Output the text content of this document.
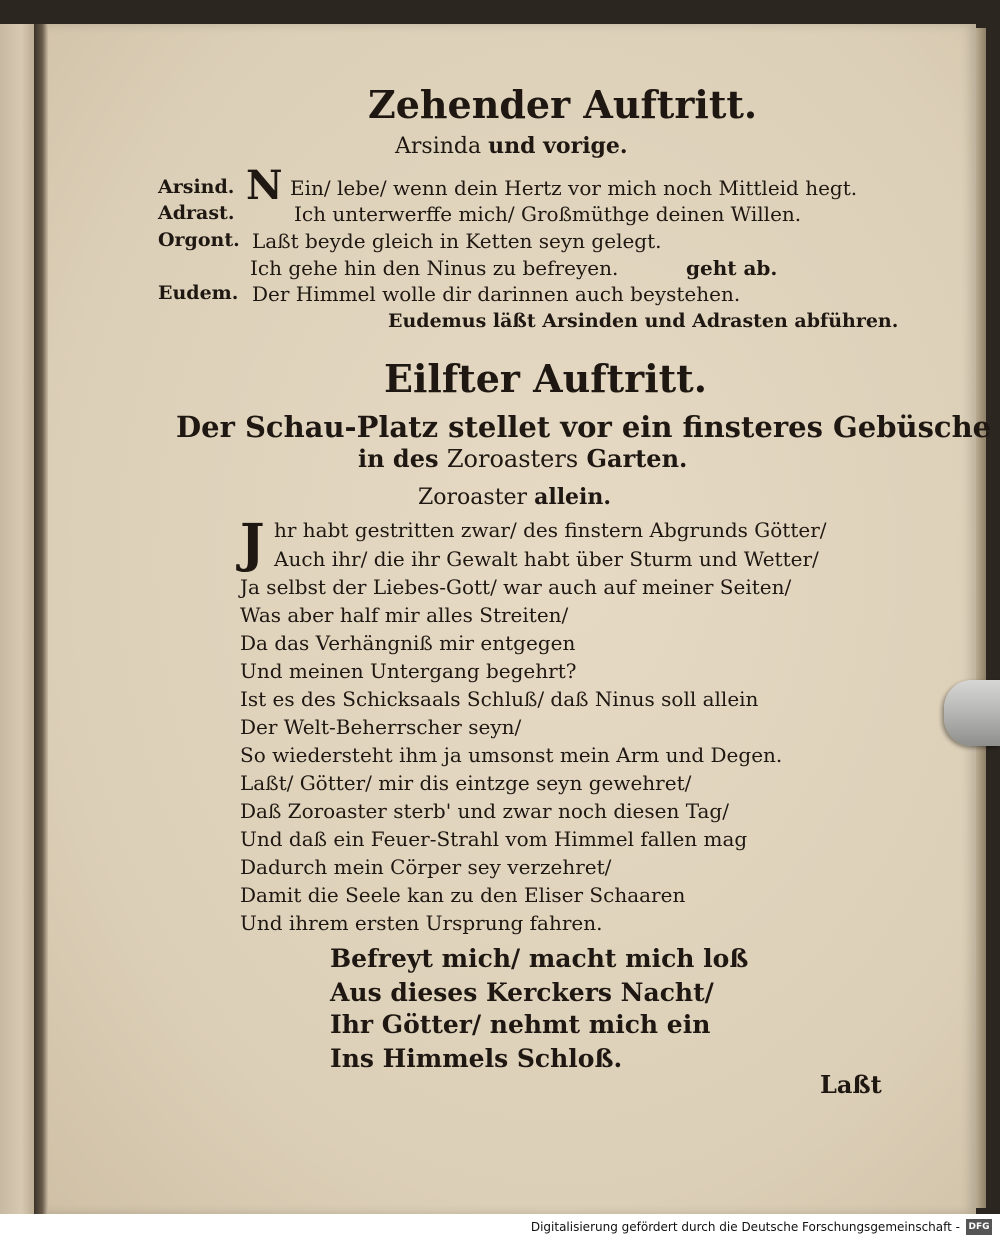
Zehender Auftritt.
Arsinda und vorige.
Arsind. N Ein/ lebe/ wenn dein Hertz vor mich noch Mittleid hegt.
Adrast.	Ich unterwerffe mich/ Großmüthge deinen Willen.
Orgont. Laßt beyde gleich in Ketten seyn gelegt.
Ich gehe hin den Ninus zu befreyen.	geht ab.
Eudem. Der Himmel wolle dir darinnen auch beystehen.
Eudemus läßt Arsinden und Adrasten abführen.
Eilfter Auftritt.
Der Schau-Platz stellet vor ein finsteres Gebüsche
in des Zoroasters Garten.
Zoroaster allein.
J hr habt gestritten zwar/ des finstern Abgrunds Götter/
Auch ihr/ die ihr Gewalt habt über Sturm und Wetter/
Ja selbst der Liebes-Gott/ war auch auf meiner Seiten/
Was aber half mir alles Streiten/
Da das Verhängniß mir entgegen
Und meinen Untergang begehrt?
Ist es des Schicksaals Schluß/ daß Ninus soll allein
Der Welt-Beherrscher seyn/
So wiedersteht ihm ja umsonst mein Arm und Degen.
Laßt/ Götter/ mir dis eintzge seyn gewehret/
Daß Zoroaster sterb' und zwar noch diesen Tag/
Und daß ein Feuer-Strahl vom Himmel fallen mag
Dadurch mein Cörper sey verzehret/
Damit die Seele kan zu den Eliser Schaaren
Und ihrem ersten Ursprung fahren.
Befreyt mich/ macht mich loß
Aus dieses Kerckers Nacht/
Ihr Götter/ nehmt mich ein
Ins Himmels Schloß.
Laßt
Digitalisierung gefördert durch die Deutsche Forschungsgemeinschaft - DFG
